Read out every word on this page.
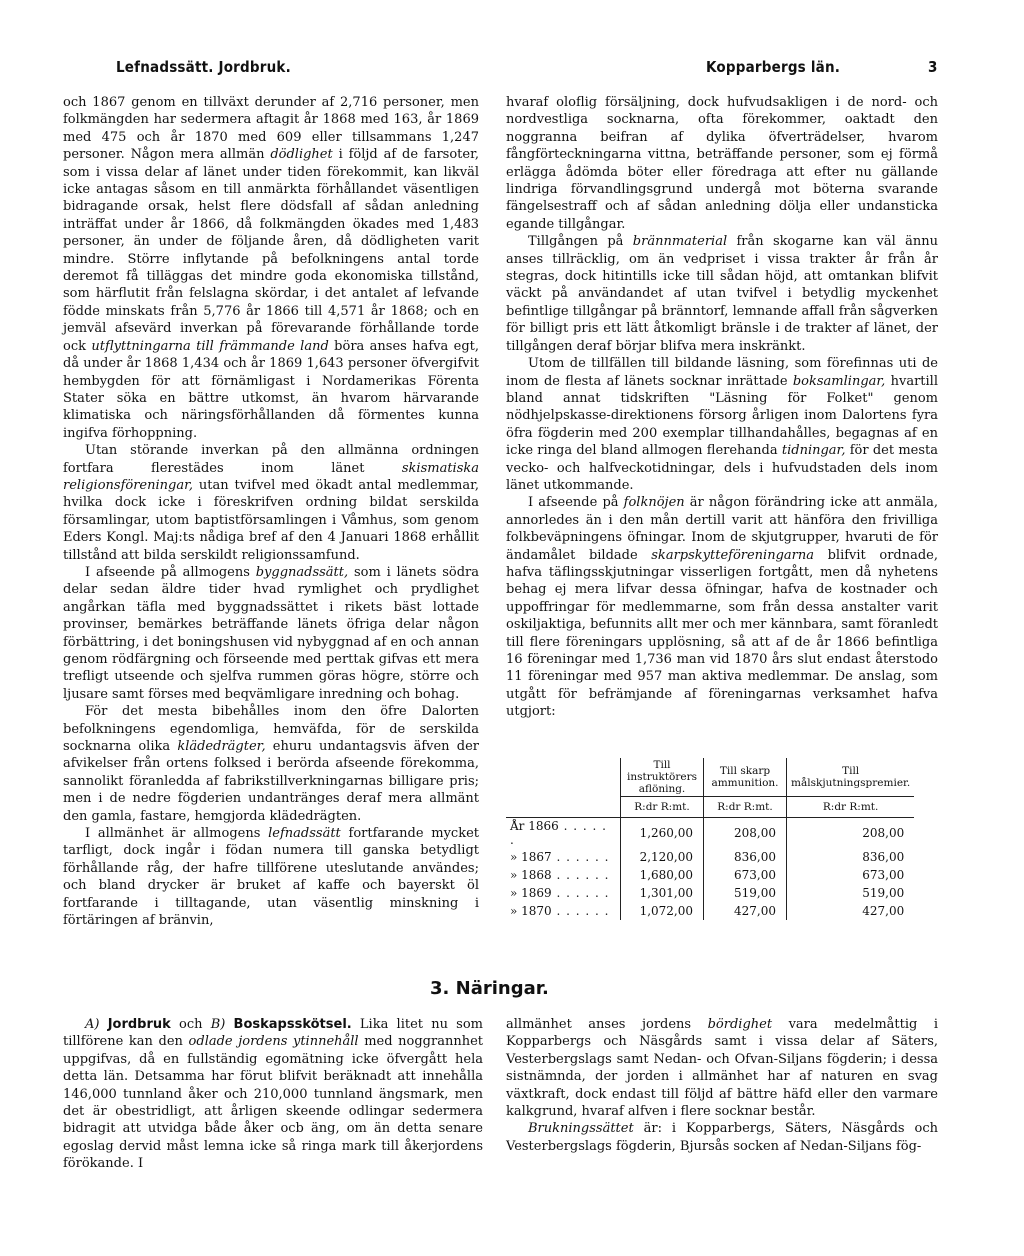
Lefnadssätt. Jordbruk.	Kopparbergs län.	3

och 1867 genom en tillväxt derunder af 2,716 personer, men folkmängden har sedermera aftagit år 1868 med 163, år 1869 med 475 och år 1870 med 609 eller tillsammans 1,247 personer. Någon mera allmän dödlighet i följd af de farsoter, som i vissa delar af länet under tiden förekommit, kan likväl icke antagas såsom en till anmärkta förhållandet väsentligen bidragande orsak, helst flere dödsfall af sådan anledning inträffat under år 1866, då folkmängden ökades med 1,483 personer, än under de följande åren, då dödligheten varit mindre. Större inflytande på befolkningens antal torde deremot få tilläggas det mindre goda ekonomiska tillstånd, som härflutit från felslagna skördar, i det antalet af lefvande födde minskats från 5,776 år 1866 till 4,571 år 1868; och en jemväl afsevärd inverkan på förevarande förhållande torde ock utflyttningarna till främmande land böra anses hafva egt, då under år 1868 1,434 och år 1869 1,643 personer öfvergifvit hembygden för att förnämligast i Nordamerikas Förenta Stater söka en bättre utkomst, än hvarom härvarande klimatiska och näringsförhållanden då förmentes kunna ingifva förhoppning.

Utan störande inverkan på den allmänna ordningen fortfara flerestädes inom länet skismatiska religionsföreningar, utan tvifvel med ökadt antal medlemmar, hvilka dock icke i föreskrifven ordning bildat serskilda församlingar, utom baptistförsamlingen i Våmhus, som genom Eders Kongl. Maj:ts nådiga bref af den 4 Januari 1868 erhållit tillstånd att bilda serskildt religionssamfund.

I afseende på allmogens byggnadssätt, som i länets södra delar sedan äldre tider hvad rymlighet och prydlighet angårkan täfla med byggnadssättet i rikets bäst lottade provinser, bemärkes beträffande länets öfriga delar någon förbättring, i det boningshusen vid nybyggnad af en och annan genom rödfärgning och förseende med perttak gifvas ett mera trefligt utseende och sjelfva rummen göras högre, större och ljusare samt förses med beqvämligare inredning och bohag.

För det mesta bibehålles inom den öfre Dalorten befolkningens egendomliga, hemväfda, för de serskilda socknarna olika klädedrägter, ehuru undantagsvis äfven der afvikelser från ortens folksed i berörda afseende förekomma, sannolikt föranledda af fabrikstillverkningarnas billigare pris; men i de nedre fögderien undantränges deraf mera allmänt den gamla, fastare, hemgjorda klädedrägten.

I allmänhet är allmogens lefnadssätt fortfarande mycket tarfligt, dock ingår i födan numera till ganska betydligt förhållande råg, der hafre tillförene uteslutande användes; och bland drycker är bruket af kaffe och bayerskt öl fortfarande i tilltagande, utan väsentlig minskning i förtäringen af bränvin,

hvaraf oloflig försäljning, dock hufvudsakligen i de nord- och nordvestliga socknarna, ofta förekommer, oaktadt den noggranna beifran af dylika öfverträdelser, hvarom fångförteckningarna vittna, beträffande personer, som ej förmå erlägga ådömda böter eller föredraga att efter nu gällande lindriga förvandlingsgrund undergå mot böterna svarande fängelsestraff och af sådan anledning dölja eller undansticka egande tillgångar.

Tillgången på brännmaterial från skogarne kan väl ännu anses tillräcklig, om än vedpriset i vissa trakter år från år stegras, dock hitintills icke till sådan höjd, att omtankan blifvit väckt på användandet af utan tvifvel i betydlig myckenhet befintlige tillgångar på bränntorf, lemnande affall från sågverken för billigt pris ett lätt åtkomligt bränsle i de trakter af länet, der tillgången deraf börjar blifva mera inskränkt.

Utom de tillfällen till bildande läsning, som förefinnas uti de inom de flesta af länets socknar inrättade boksamlingar, hvartill bland annat tidskriften "Läsning för Folket" genom nödhjelpskasse-direktionens försorg årligen inom Dalortens fyra öfra fögderin med 200 exemplar tillhandahålles, begagnas af en icke ringa del bland allmogen flerehanda tidningar, för det mesta vecko- och halfveckotidningar, dels i hufvudstaden dels inom länet utkommande.

I afseende på folknöjen är någon förändring icke att anmäla, annorledes än i den mån dertill varit att hänföra den frivilliga folkbeväpningens öfningar. Inom de skjutgrupper, hvaruti de för ändamålet bildade skarpskytteföreningarna blifvit ordnade, hafva täflingsskjutningar visserligen fortgått, men då nyhetens behag ej mera lifvar dessa öfningar, hafva de kostnader och uppoffringar för medlemmarne, som från dessa anstalter varit oskiljaktiga, befunnits allt mer och mer kännbara, samt föranledt till flere föreningars upplösning, så att af de år 1866 befintliga 16 föreningar med 1,736 man vid 1870 års slut endast återstodo 11 föreningar med 957 man aktiva medlemmar. De anslag, som utgått för befrämjande af föreningarnas verksamhet hafva utgjort:

	Till instruktörers aflöning.	Till skarp ammunition.	Till målskjutningspremier.
	R:dr R:mt.	R:dr R:mt.	R:dr R:mt.
År 1866 . . . . . .	1,260,00	208,00	208,00
» 1867 . . . . . .	2,120,00	836,00	836,00
» 1868 . . . . . .	1,680,00	673,00	673,00
» 1869 . . . . . .	1,301,00	519,00	519,00
» 1870 . . . . . .	1,072,00	427,00	427,00
3. Näringar.

A) Jordbruk och B) Boskapsskötsel. Lika litet nu som tillförene kan den odlade jordens ytinnehåll med noggrannhet uppgifvas, då en fullständig egomätning icke öfvergått hela detta län. Detsamma har förut blifvit beräknadt att innehålla 146,000 tunnland åker och 210,000 tunnland ängsmark, men det är obestridligt, att årligen skeende odlingar sedermera bidragit att utvidga både åker ocb äng, om än detta senare egoslag dervid måst lemna icke så ringa mark till åkerjordens förökande. I

allmänhet anses jordens bördighet vara medelmåttig i Kopparbergs och Näsgårds samt i vissa delar af Säters, Vesterbergslags samt Nedan- och Ofvan-Siljans fögderin; i dessa sistnämnda, der jorden i allmänhet har af naturen en svag växtkraft, dock endast till följd af bättre häfd eller den varmare kalkgrund, hvaraf alfven i flere socknar består.

Brukningssättet är: i Kopparbergs, Säters, Näsgårds och Vesterbergslags fögderin, Bjursås socken af Nedan-Siljans fög-
